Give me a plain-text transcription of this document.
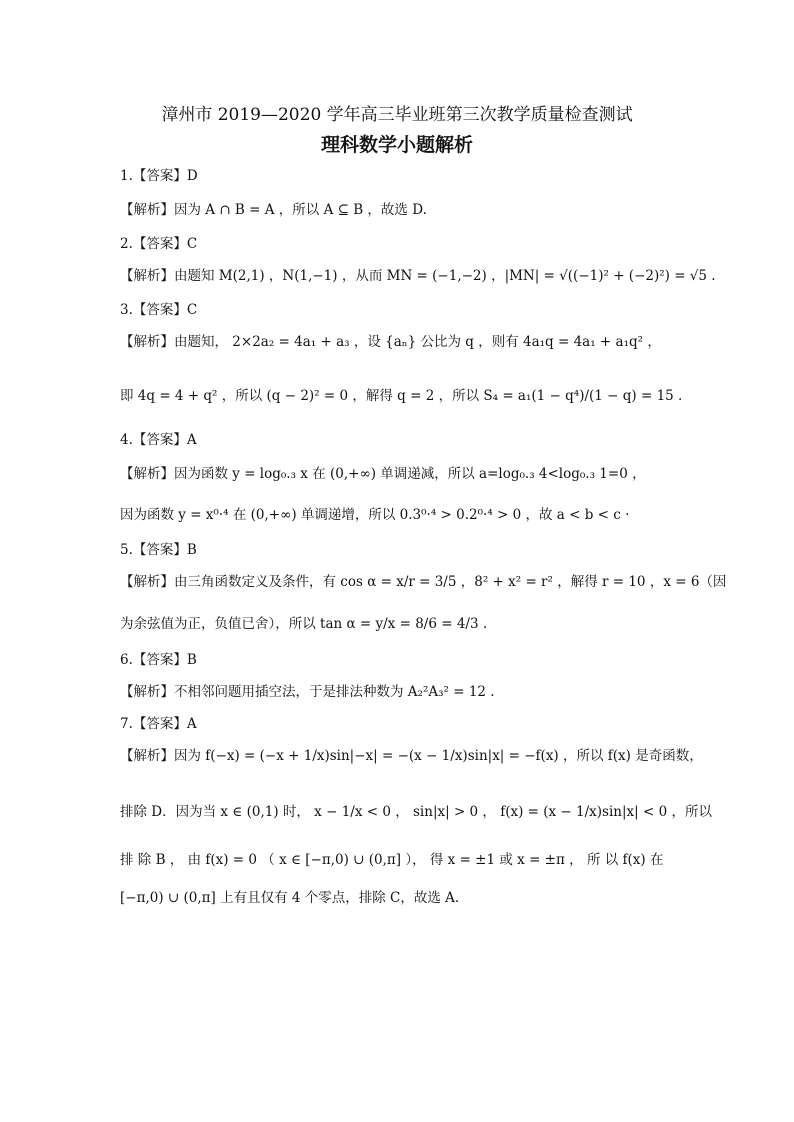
漳州市 2019—2020 学年高三毕业班第三次教学质量检查测试
理科数学小题解析
1.【答案】D
【解析】因为 A ∩ B = A ，所以 A ⊆ B ，故选 D.
2.【答案】C
【解析】由题知 M(2,1) ，N(1,−1) ，从而 MN = (−1,−2) ，|MN| = √((−1)² + (−2)²) = √5 .
3.【答案】C
【解析】由题知， 2×2a₂ = 4a₁ + a₃ ，设 {aₙ} 公比为 q ，则有 4a₁q = 4a₁ + a₁q² ，
即 4q = 4 + q² ，所以 (q − 2)² = 0 ，解得 q = 2 ，所以 S₄ = a₁(1 − q⁴)/(1 − q) = 15 .
4.【答案】A
【解析】因为函数 y = log₀.₃ x 在 (0,+∞) 单调递减，所以 a=log₀.₃ 4<log₀.₃ 1=0 ，
因为函数 y = x⁰·⁴ 在 (0,+∞) 单调递增，所以 0.3⁰·⁴ > 0.2⁰·⁴ > 0 ，故 a < b < c ·
5.【答案】B
【解析】由三角函数定义及条件，有 cos α = x/r = 3/5 ，8² + x² = r² ，解得 r = 10 ，x = 6（因
为余弦值为正，负值已舍），所以 tan α = y/x = 8/6 = 4/3 .
6.【答案】B
【解析】不相邻问题用插空法，于是排法种数为 A₂²A₃² = 12 .
7.【答案】A
【解析】因为 f(−x) = (−x + 1/x)sin|−x| = −(x − 1/x)sin|x| = −f(x) ，所以 f(x) 是奇函数，
排除 D．因为当 x ∈ (0,1) 时， x − 1/x < 0 ， sin|x| > 0 ， f(x) = (x − 1/x)sin|x| < 0 ，所以
排 除 B ， 由 f(x) = 0 （ x ∈ [−π,0) ∪ (0,π] ）， 得 x = ±1 或 x = ±π ， 所 以 f(x) 在
[−π,0) ∪ (0,π] 上有且仅有 4 个零点，排除 C，故选 A.
